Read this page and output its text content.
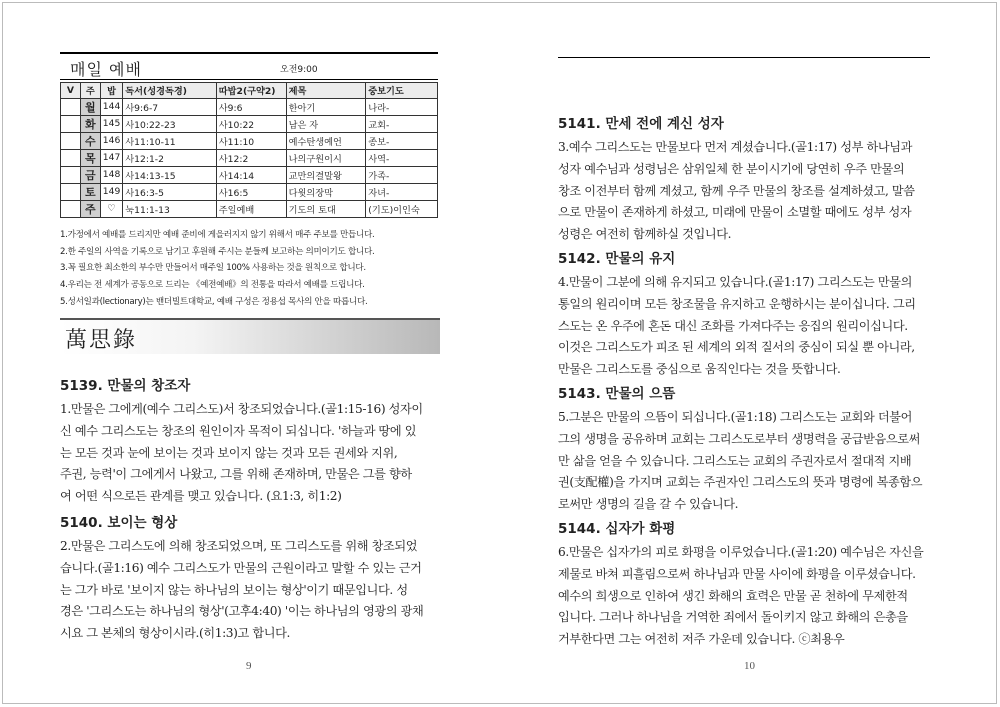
매일 예배	오전9:00
V	주	밥	독서(성경독경)	따밥2(구약2)	제목	중보기도
	월	144	사9:6-7	사9:6	한아기	나라-
	화	145	사10:22-23	사10:22	남은 자	교회-
	수	146	사11:10-11	사11:10	예수탄생예언	종보-
	목	147	사12:1-2	사12:2	나의구원이시	사역-
	금	148	사14:13-15	사14:14	교만의결말왕	가족-
	토	149	사16:3-5	사16:5	다윗의장막	자녀-
	주	♡	눅11:1-13	주일예배	기도의 토대	(기도)이인숙
1.가정에서 예배를 드리지만 예배 준비에 게을러지지 않기 위해서 매주 주보를 만듭니다.
2.한 주일의 사역을 기록으로 남기고 후원해 주시는 분들께 보고하는 의미이기도 합니다.
3.꼭 필요한 최소한의 부수만 만들어서 매주일 100% 사용하는 것을 원칙으로 합니다.
4.우리는 전 세계가 공동으로 드리는 《예전예배》의 전통을 따라서 예배를 드립니다.
5.성서일과(lectionary)는 밴더빌트대학교, 예배 구성은 정용섭 목사의 안을 따릅니다.
萬思錄
5139. 만물의 창조자
1.만물은 그에게(예수 그리스도)서 창조되었습니다.(골1:15-16) 성자이
신 예수 그리스도는 창조의 원인이자 목적이 되십니다. '하늘과 땅에 있
는 모든 것과 눈에 보이는 것과 보이지 않는 것과 모든 권세와 지위,
주권, 능력'이 그에게서 나왔고, 그를 위해 존재하며, 만물은 그를 향하
여 어떤 식으로든 관계를 맺고 있습니다. (요1:3, 히1:2)
5140. 보이는 형상
2.만물은 그리스도에 의해 창조되었으며, 또 그리스도를 위해 창조되었
습니다.(골1:16) 예수 그리스도가 만물의 근원이라고 말할 수 있는 근거
는 그가 바로 '보이지 않는 하나님의 보이는 형상'이기 때문입니다. 성
경은 '그리스도는 하나님의 형상'(고후4:40) '이는 하나님의 영광의 광채
시요 그 본체의 형상이시라.(히1:3)고 합니다.
9
5141. 만세 전에 계신 성자
3.예수 그리스도는 만물보다 먼저 계셨습니다.(골1:17) 성부 하나님과
성자 예수님과 성령님은 삼위일체 한 분이시기에 당연히 우주 만물의
창조 이전부터 함께 계셨고, 함께 우주 만물의 창조를 설계하셨고, 말씀
으로 만물이 존재하게 하셨고, 미래에 만물이 소멸할 때에도 성부 성자
성령은 여전히 함께하실 것입니다.
5142. 만물의 유지
4.만물이 그분에 의해 유지되고 있습니다.(골1:17) 그리스도는 만물의
통일의 원리이며 모든 창조물을 유지하고 운행하시는 분이십니다. 그리
스도는 온 우주에 혼돈 대신 조화를 가져다주는 응집의 원리이십니다.
이것은 그리스도가 피조 된 세계의 외적 질서의 중심이 되실 뿐 아니라,
만물은 그리스도를 중심으로 움직인다는 것을 뜻합니다.
5143. 만물의 으뜸
5.그분은 만물의 으뜸이 되십니다.(골1:18) 그리스도는 교회와 더불어
그의 생명을 공유하며 교회는 그리스도로부터 생명력을 공급받음으로써
만 삶을 얻을 수 있습니다. 그리스도는 교회의 주권자로서 절대적 지배
권(支配權)을 가지며 교회는 주권자인 그리스도의 뜻과 명령에 복종함으
로써만 생명의 길을 갈 수 있습니다.
5144. 십자가 화평
6.만물은 십자가의 피로 화평을 이루었습니다.(골1:20) 예수님은 자신을
제물로 바쳐 피흘림으로써 하나님과 만물 사이에 화평을 이루셨습니다.
예수의 희생으로 인하여 생긴 화해의 효력은 만물 곧 천하에 무제한적
입니다. 그러나 하나님을 거역한 죄에서 돌이키지 않고 화해의 은총을
거부한다면 그는 여전히 저주 가운데 있습니다. ⓒ최용우
10
